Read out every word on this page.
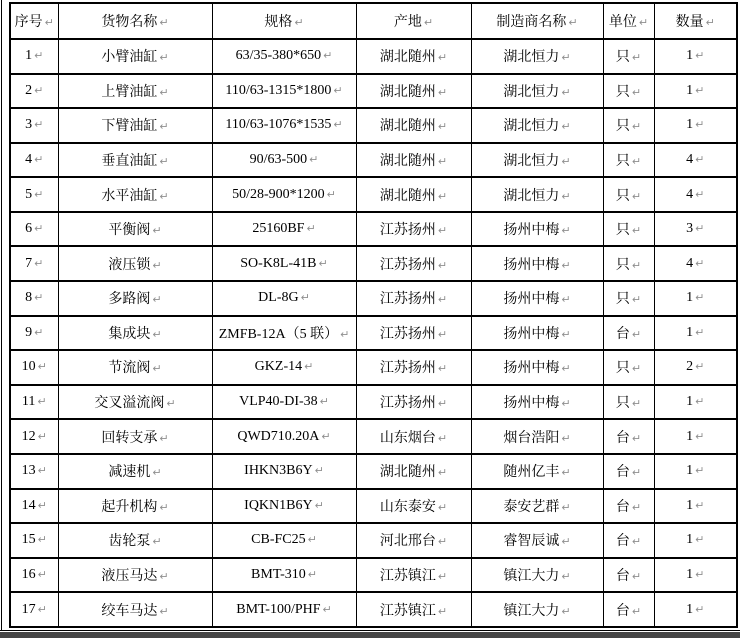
序号 ↵	货物名称 ↵	规格 ↵	产地 ↵	制造商名称 ↵	单位 ↵	数量 ↵
1 ↵	小臂油缸 ↵	63/35-380*650 ↵	湖北随州 ↵	湖北恒力 ↵	只 ↵	1 ↵
2 ↵	上臂油缸 ↵	110/63-1315*1800 ↵	湖北随州 ↵	湖北恒力 ↵	只 ↵	1 ↵
3 ↵	下臂油缸 ↵	110/63-1076*1535 ↵	湖北随州 ↵	湖北恒力 ↵	只 ↵	1 ↵
4 ↵	垂直油缸 ↵	90/63-500 ↵	湖北随州 ↵	湖北恒力 ↵	只 ↵	4 ↵
5 ↵	水平油缸 ↵	50/28-900*1200 ↵	湖北随州 ↵	湖北恒力 ↵	只 ↵	4 ↵
6 ↵	平衡阀 ↵	25160BF ↵	江苏扬州 ↵	扬州中梅 ↵	只 ↵	3 ↵
7 ↵	液压锁 ↵	SO-K8L-41B ↵	江苏扬州 ↵	扬州中梅 ↵	只 ↵	4 ↵
8 ↵	多路阀 ↵	DL-8G ↵	江苏扬州 ↵	扬州中梅 ↵	只 ↵	1 ↵
9 ↵	集成块 ↵	ZMFB-12A（5 联） ↵	江苏扬州 ↵	扬州中梅 ↵	台 ↵	1 ↵
10 ↵	节流阀 ↵	GKZ-14 ↵	江苏扬州 ↵	扬州中梅 ↵	只 ↵	2 ↵
11 ↵	交叉溢流阀 ↵	VLP40-DI-38 ↵	江苏扬州 ↵	扬州中梅 ↵	只 ↵	1 ↵
12 ↵	回转支承 ↵	QWD710.20A ↵	山东烟台 ↵	烟台浩阳 ↵	台 ↵	1 ↵
13 ↵	减速机 ↵	IHKN3B6Y ↵	湖北随州 ↵	随州亿丰 ↵	台 ↵	1 ↵
14 ↵	起升机构 ↵	IQKN1B6Y ↵	山东泰安 ↵	泰安艺群 ↵	台 ↵	1 ↵
15 ↵	齿轮泵 ↵	CB-FC25 ↵	河北邢台 ↵	睿智辰诚 ↵	台 ↵	1 ↵
16 ↵	液压马达 ↵	BMT-310 ↵	江苏镇江 ↵	镇江大力 ↵	台 ↵	1 ↵
17 ↵	绞车马达 ↵	BMT-100/PHF ↵	江苏镇江 ↵	镇江大力 ↵	台 ↵	1 ↵
